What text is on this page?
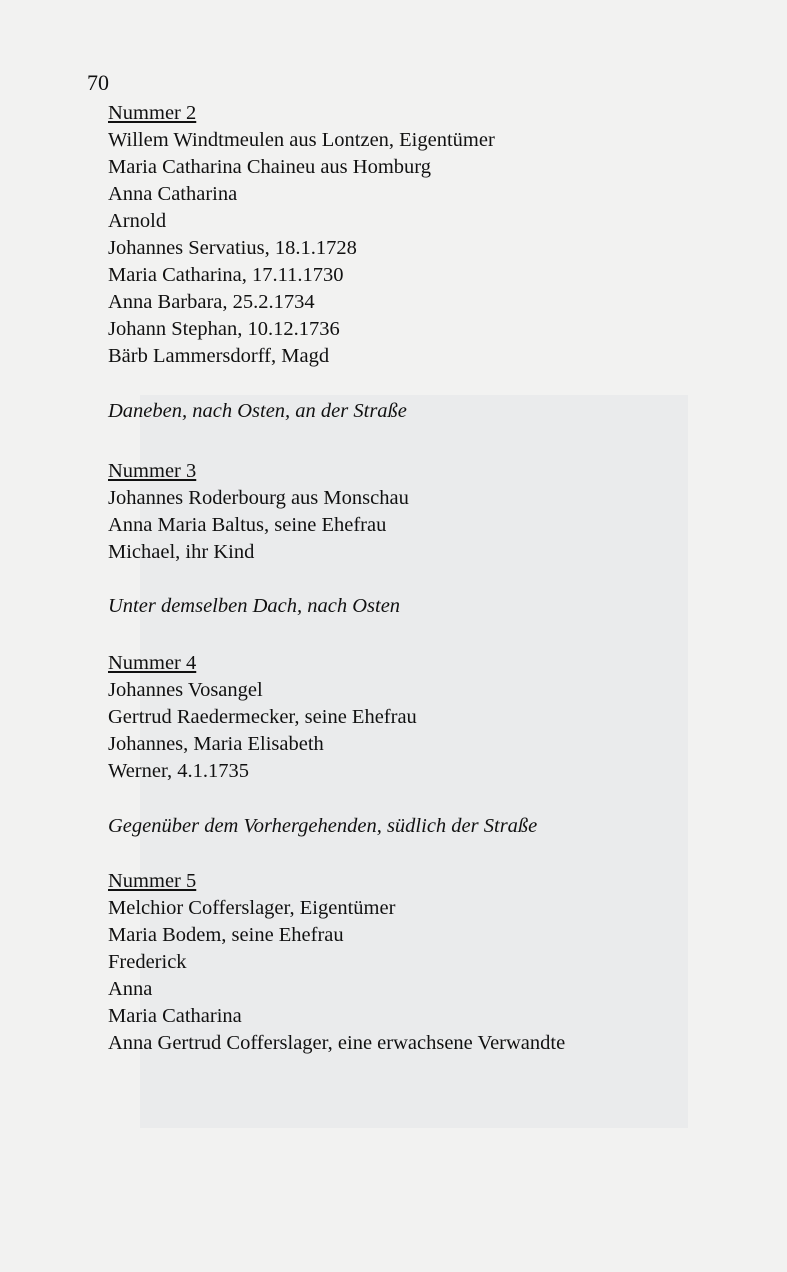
70
Nummer 2
Willem Windtmeulen aus Lontzen, Eigentümer
Maria Catharina Chaineu aus Homburg
Anna Catharina
Arnold
Johannes Servatius, 18.1.1728
Maria Catharina, 17.11.1730
Anna Barbara, 25.2.1734
Johann Stephan, 10.12.1736
Bärb Lammersdorff, Magd
Daneben, nach Osten, an der Straße
Nummer 3
Johannes Roderbourg aus Monschau
Anna Maria Baltus, seine Ehefrau
Michael, ihr Kind
Unter demselben Dach, nach Osten
Nummer 4
Johannes Vosangel
Gertrud Raedermecker, seine Ehefrau
Johannes, Maria Elisabeth
Werner, 4.1.1735
Gegenüber dem Vorhergehenden, südlich der Straße
Nummer 5
Melchior Cofferslager, Eigentümer
Maria Bodem, seine Ehefrau
Frederick
Anna
Maria Catharina
Anna Gertrud Cofferslager, eine erwachsene Verwandte
